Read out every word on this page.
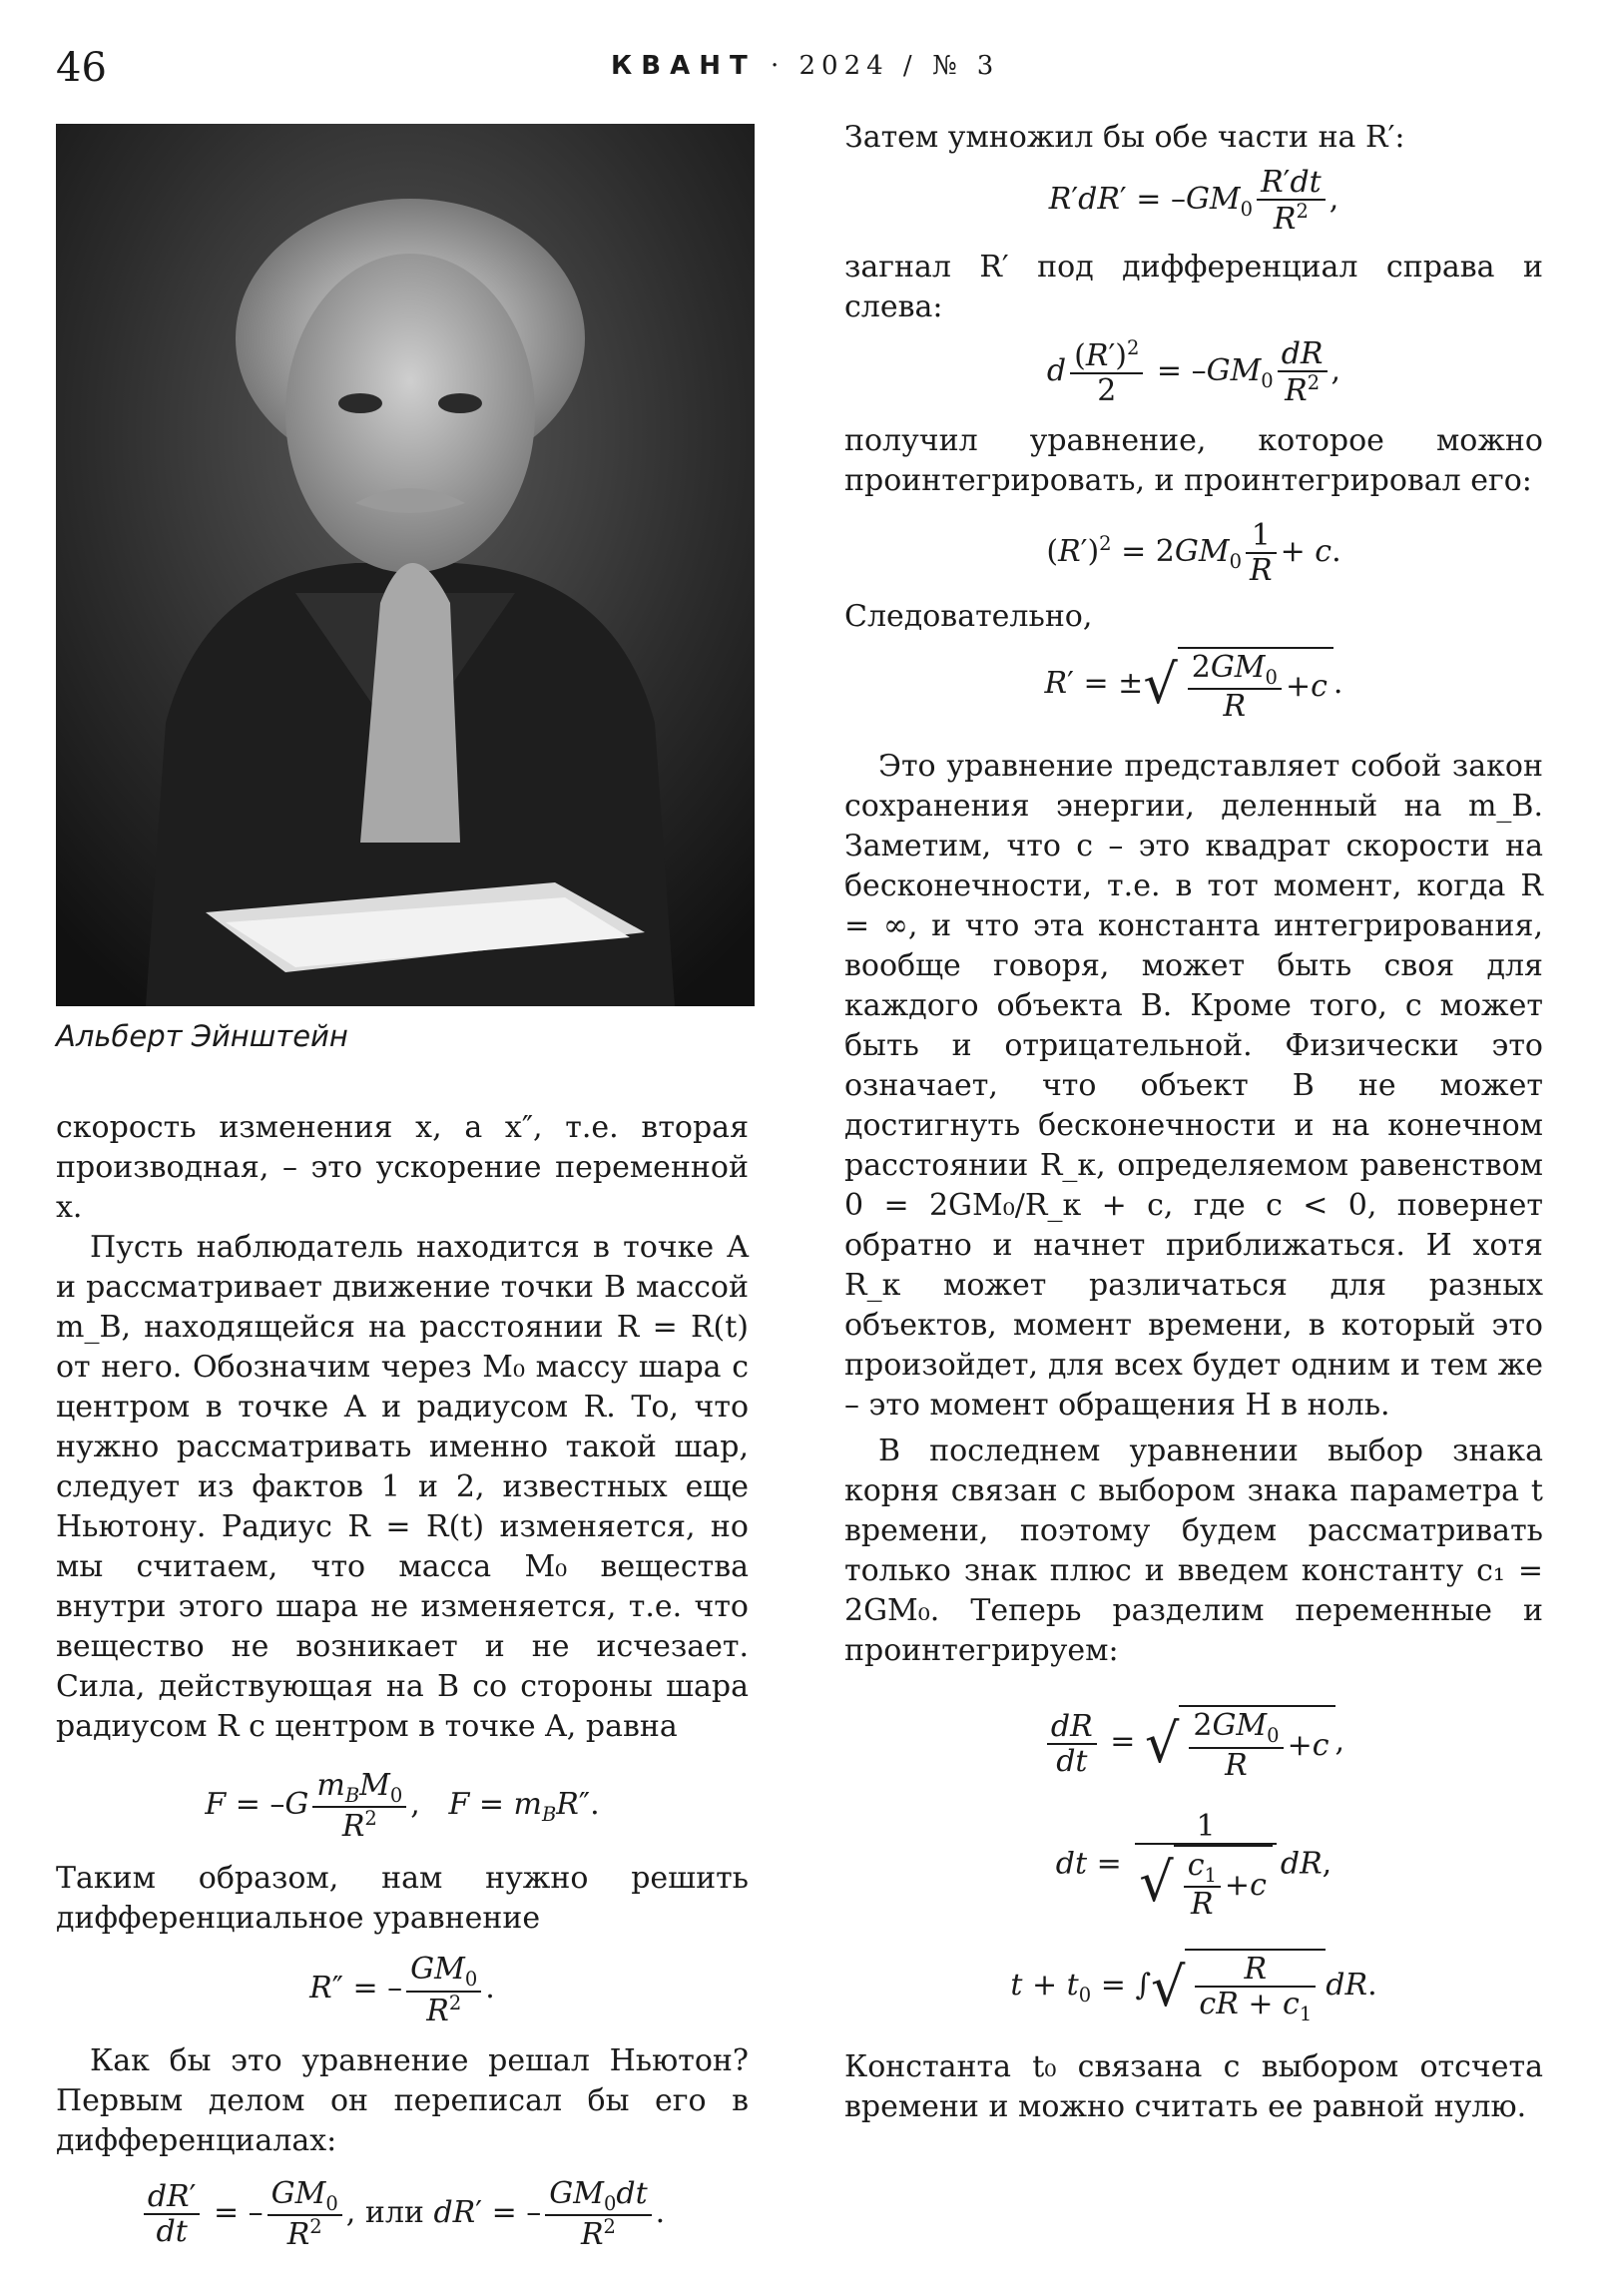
46	КВАНТ · 2024 / № 3
Альберт Эйнштейн

скорость изменения x, а x″, т.е. вторая производная, – это ускорение переменной x.

Пусть наблюдатель находится в точке A и рассматривает движение точки B массой m_B, находящейся на расстоянии R = R(t) от него. Обозначим через M₀ массу шара с центром в точке A и радиусом R. То, что нужно рассматривать именно такой шар, следует из фактов 1 и 2, известных еще Ньютону. Радиус R = R(t) изменяется, но мы считаем, что масса M₀ вещества внутри этого шара не изменяется, т.е. что вещество не возникает и не исчезает. Сила, действующая на B со стороны шара радиусом R с центром в точке A, равна

F = –G
$m_BM_0$
$R^2$	,   $F = m_BR''$.

Таким образом, нам нужно решить дифференциальное уравнение

R″ = – $\frac{GM_0}{R^2}$ .

Как бы это уравнение решал Ньютон? Первым делом он переписал бы его в дифференциалах:

$\frac{dR'}{dt}$ = – $\frac{GM_0}{R^2}$ , или dR′ = – $\frac{GM_0dt}{R^2}$ .

Затем умножил бы обе части на R′:

$R'dR' = -GM_0 \frac{R'dt}{R^2}$ ,

загнал R′ под дифференциал справа и слева:

d $\frac{(R')^2}{2} = -GM_0 \frac{dR}{R^2}$ ,

получил уравнение, которое можно проинтегрировать, и проинтегрировал его:

$(R')^2 = 2GM_0 \frac{1}{R} + c$.

Следовательно,

R′ = ± √ $2GM_0$
R
+ c .

Это уравнение представляет собой закон сохранения энергии, деленный на m_B. Заметим, что c – это квадрат скорости на бесконечности, т.е. в тот момент, когда R = ∞, и что эта константа интегрирования, вообще говоря, может быть своя для каждого объекта B. Кроме того, c может быть и отрицательной. Физически это означает, что объект B не может достигнуть бесконечности и на конечном расстоянии R_к, определяемом равенством 0 = 2GM₀/R_к + c, где c < 0, повернет обратно и начнет приближаться. И хотя R_к может различаться для разных объектов, момент времени, в который это произойдет, для всех будет одним и тем же – это момент обращения H в ноль.

В последнем уравнении выбор знака корня связан с выбором знака параметра t времени, поэтому будем рассматривать только знак плюс и введем константу c₁ = 2GM₀. Теперь разделим переменные и проинтегрируем:

$\frac{dR}{dt}$ = √ $2GM_0$
R
+ c ,
dt = 1
√ $c_1$
R
+ c dR,
$t + t_0$ = ∫ √	R
cR + $c_1$
dR.

Константа t₀ связана с выбором отсчета времени и можно считать ее равной нулю.
